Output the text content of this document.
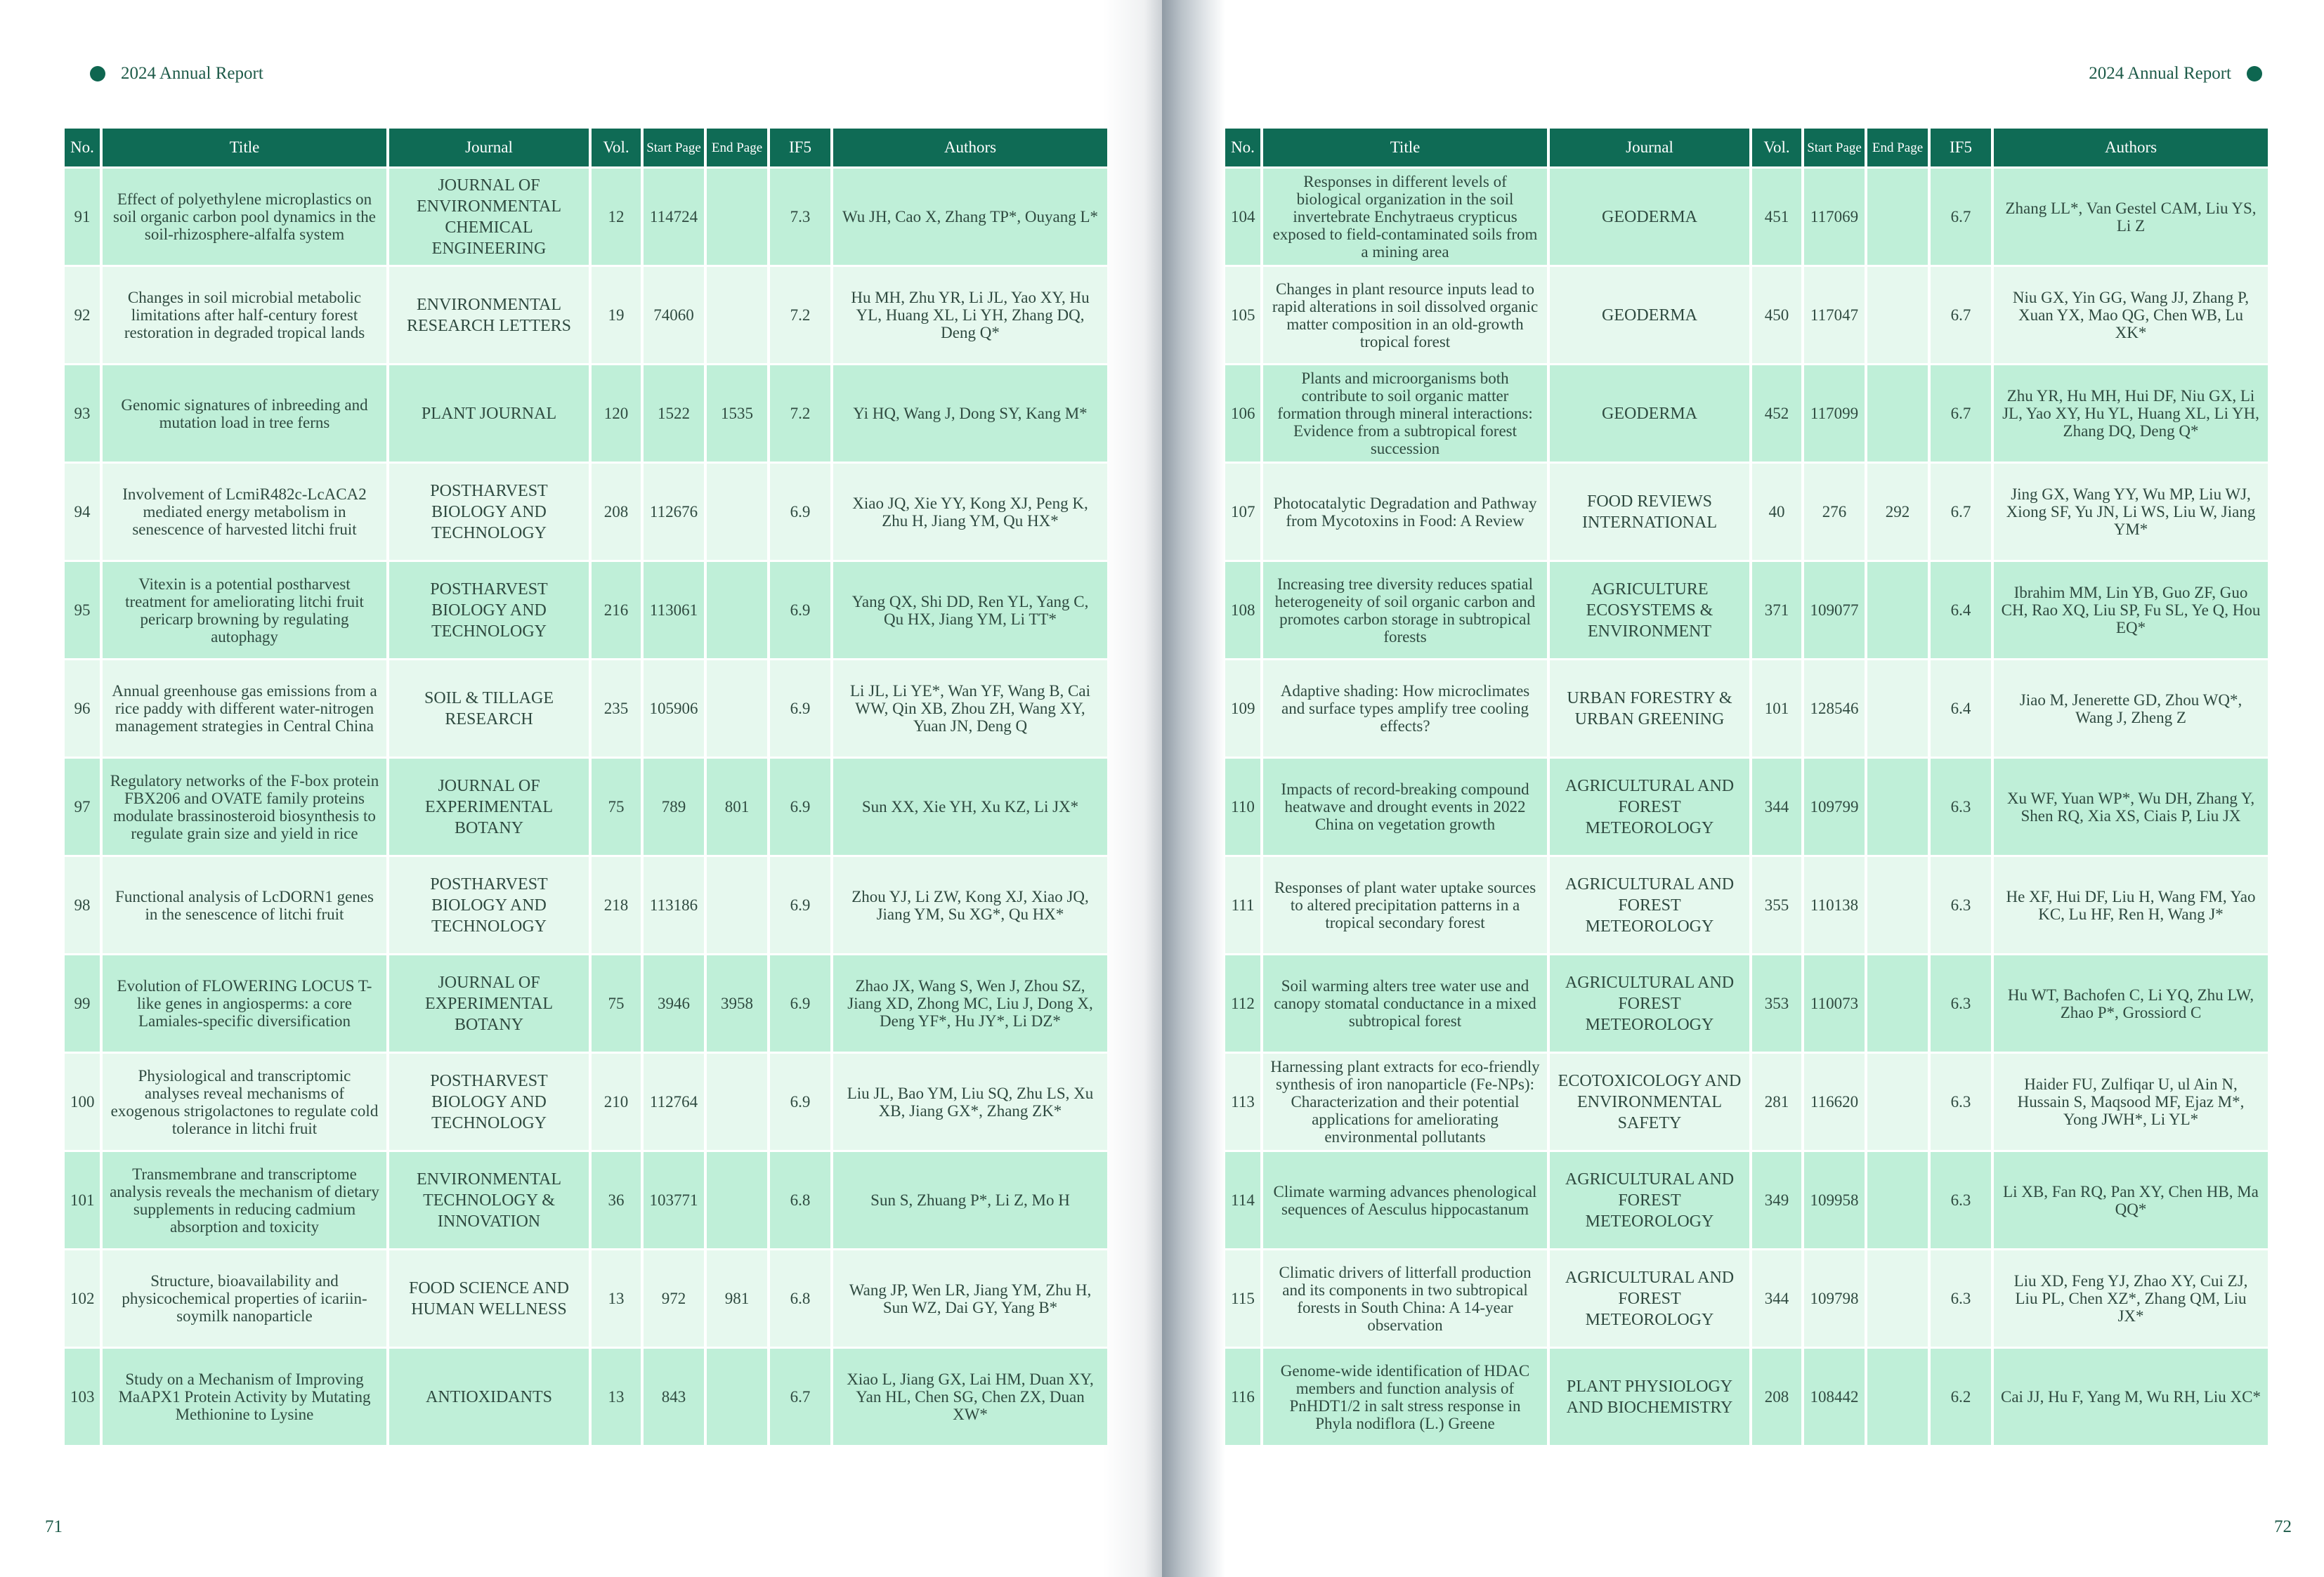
2024 Annual Report
No.	Title	Journal	Vol.	Start Page	End Page	IF5	Authors
91	Effect of polyethylene microplastics on soil organic carbon pool dynamics in the soil-rhizosphere-alfalfa system	JOURNAL OF ENVIRONMENTAL CHEMICAL ENGINEERING	12	114724		7.3	Wu JH, Cao X, Zhang TP*, Ouyang L*
92	Changes in soil microbial metabolic limitations after half-century forest restoration in degraded tropical lands	ENVIRONMENTAL RESEARCH LETTERS	19	74060		7.2	Hu MH, Zhu YR, Li JL, Yao XY, Hu YL, Huang XL, Li YH, Zhang DQ, Deng Q*
93	Genomic signatures of inbreeding and mutation load in tree ferns	PLANT JOURNAL	120	1522	1535	7.2	Yi HQ, Wang J, Dong SY, Kang M*
94	Involvement of LcmiR482c-LcACA2 mediated energy metabolism in senescence of harvested litchi fruit	POSTHARVEST BIOLOGY AND TECHNOLOGY	208	112676		6.9	Xiao JQ, Xie YY, Kong XJ, Peng K, Zhu H, Jiang YM, Qu HX*
95	Vitexin is a potential postharvest treatment for ameliorating litchi fruit pericarp browning by regulating autophagy	POSTHARVEST BIOLOGY AND TECHNOLOGY	216	113061		6.9	Yang QX, Shi DD, Ren YL, Yang C, Qu HX, Jiang YM, Li TT*
96	Annual greenhouse gas emissions from a rice paddy with different water-nitrogen management strategies in Central China	SOIL & TILLAGE RESEARCH	235	105906		6.9	Li JL, Li YE*, Wan YF, Wang B, Cai WW, Qin XB, Zhou ZH, Wang XY, Yuan JN, Deng Q
97	Regulatory networks of the F-box protein FBX206 and OVATE family proteins modulate brassinosteroid biosynthesis to regulate grain size and yield in rice	JOURNAL OF EXPERIMENTAL BOTANY	75	789	801	6.9	Sun XX, Xie YH, Xu KZ, Li JX*
98	Functional analysis of LcDORN1 genes in the senescence of litchi fruit	POSTHARVEST BIOLOGY AND TECHNOLOGY	218	113186		6.9	Zhou YJ, Li ZW, Kong XJ, Xiao JQ, Jiang YM, Su XG*, Qu HX*
99	Evolution of FLOWERING LOCUS T-like genes in angiosperms: a core Lamiales-specific diversification	JOURNAL OF EXPERIMENTAL BOTANY	75	3946	3958	6.9	Zhao JX, Wang S, Wen J, Zhou SZ, Jiang XD, Zhong MC, Liu J, Dong X, Deng YF*, Hu JY*, Li DZ*
100	Physiological and transcriptomic analyses reveal mechanisms of exogenous strigolactones to regulate cold tolerance in litchi fruit	POSTHARVEST BIOLOGY AND TECHNOLOGY	210	112764		6.9	Liu JL, Bao YM, Liu SQ, Zhu LS, Xu XB, Jiang GX*, Zhang ZK*
101	Transmembrane and transcriptome analysis reveals the mechanism of dietary supplements in reducing cadmium absorption and toxicity	ENVIRONMENTAL TECHNOLOGY & INNOVATION	36	103771		6.8	Sun S, Zhuang P*, Li Z, Mo H
102	Structure, bioavailability and physicochemical properties of icariin-soymilk nanoparticle	FOOD SCIENCE AND HUMAN WELLNESS	13	972	981	6.8	Wang JP, Wen LR, Jiang YM, Zhu H, Sun WZ, Dai GY, Yang B*
103	Study on a Mechanism of Improving MaAPX1 Protein Activity by Mutating Methionine to Lysine	ANTIOXIDANTS	13	843		6.7	Xiao L, Jiang GX, Lai HM, Duan XY, Yan HL, Chen SG, Chen ZX, Duan XW*
71
2024 Annual Report
No.	Title	Journal	Vol.	Start Page	End Page	IF5	Authors
104	Responses in different levels of biological organization in the soil invertebrate Enchytraeus crypticus exposed to field-contaminated soils from a mining area	GEODERMA	451	117069		6.7	Zhang LL*, Van Gestel CAM, Liu YS, Li Z
105	Changes in plant resource inputs lead to rapid alterations in soil dissolved organic matter composition in an old-growth tropical forest	GEODERMA	450	117047		6.7	Niu GX, Yin GG, Wang JJ, Zhang P, Xuan YX, Mao QG, Chen WB, Lu XK*
106	Plants and microorganisms both contribute to soil organic matter formation through mineral interactions: Evidence from a subtropical forest succession	GEODERMA	452	117099		6.7	Zhu YR, Hu MH, Hui DF, Niu GX, Li JL, Yao XY, Hu YL, Huang XL, Li YH, Zhang DQ, Deng Q*
107	Photocatalytic Degradation and Pathway from Mycotoxins in Food: A Review	FOOD REVIEWS INTERNATIONAL	40	276	292	6.7	Jing GX, Wang YY, Wu MP, Liu WJ, Xiong SF, Yu JN, Li WS, Liu W, Jiang YM*
108	Increasing tree diversity reduces spatial heterogeneity of soil organic carbon and promotes carbon storage in subtropical forests	AGRICULTURE ECOSYSTEMS & ENVIRONMENT	371	109077		6.4	Ibrahim MM, Lin YB, Guo ZF, Guo CH, Rao XQ, Liu SP, Fu SL, Ye Q, Hou EQ*
109	Adaptive shading: How microclimates and surface types amplify tree cooling effects?	URBAN FORESTRY & URBAN GREENING	101	128546		6.4	Jiao M, Jenerette GD, Zhou WQ*, Wang J, Zheng Z
110	Impacts of record-breaking compound heatwave and drought events in 2022 China on vegetation growth	AGRICULTURAL AND FOREST METEOROLOGY	344	109799		6.3	Xu WF, Yuan WP*, Wu DH, Zhang Y, Shen RQ, Xia XS, Ciais P, Liu JX
111	Responses of plant water uptake sources to altered precipitation patterns in a tropical secondary forest	AGRICULTURAL AND FOREST METEOROLOGY	355	110138		6.3	He XF, Hui DF, Liu H, Wang FM, Yao KC, Lu HF, Ren H, Wang J*
112	Soil warming alters tree water use and canopy stomatal conductance in a mixed subtropical forest	AGRICULTURAL AND FOREST METEOROLOGY	353	110073		6.3	Hu WT, Bachofen C, Li YQ, Zhu LW, Zhao P*, Grossiord C
113	Harnessing plant extracts for eco-friendly synthesis of iron nanoparticle (Fe-NPs): Characterization and their potential applications for ameliorating environmental pollutants	ECOTOXICOLOGY AND ENVIRONMENTAL SAFETY	281	116620		6.3	Haider FU, Zulfiqar U, ul Ain N, Hussain S, Maqsood MF, Ejaz M*, Yong JWH*, Li YL*
114	Climate warming advances phenological sequences of Aesculus hippocastanum	AGRICULTURAL AND FOREST METEOROLOGY	349	109958		6.3	Li XB, Fan RQ, Pan XY, Chen HB, Ma QQ*
115	Climatic drivers of litterfall production and its components in two subtropical forests in South China: A 14-year observation	AGRICULTURAL AND FOREST METEOROLOGY	344	109798		6.3	Liu XD, Feng YJ, Zhao XY, Cui ZJ, Liu PL, Chen XZ*, Zhang QM, Liu JX*
116	Genome-wide identification of HDAC members and function analysis of PnHDT1/2 in salt stress response in Phyla nodiflora (L.) Greene	PLANT PHYSIOLOGY AND BIOCHEMISTRY	208	108442		6.2	Cai JJ, Hu F, Yang M, Wu RH, Liu XC*
72
